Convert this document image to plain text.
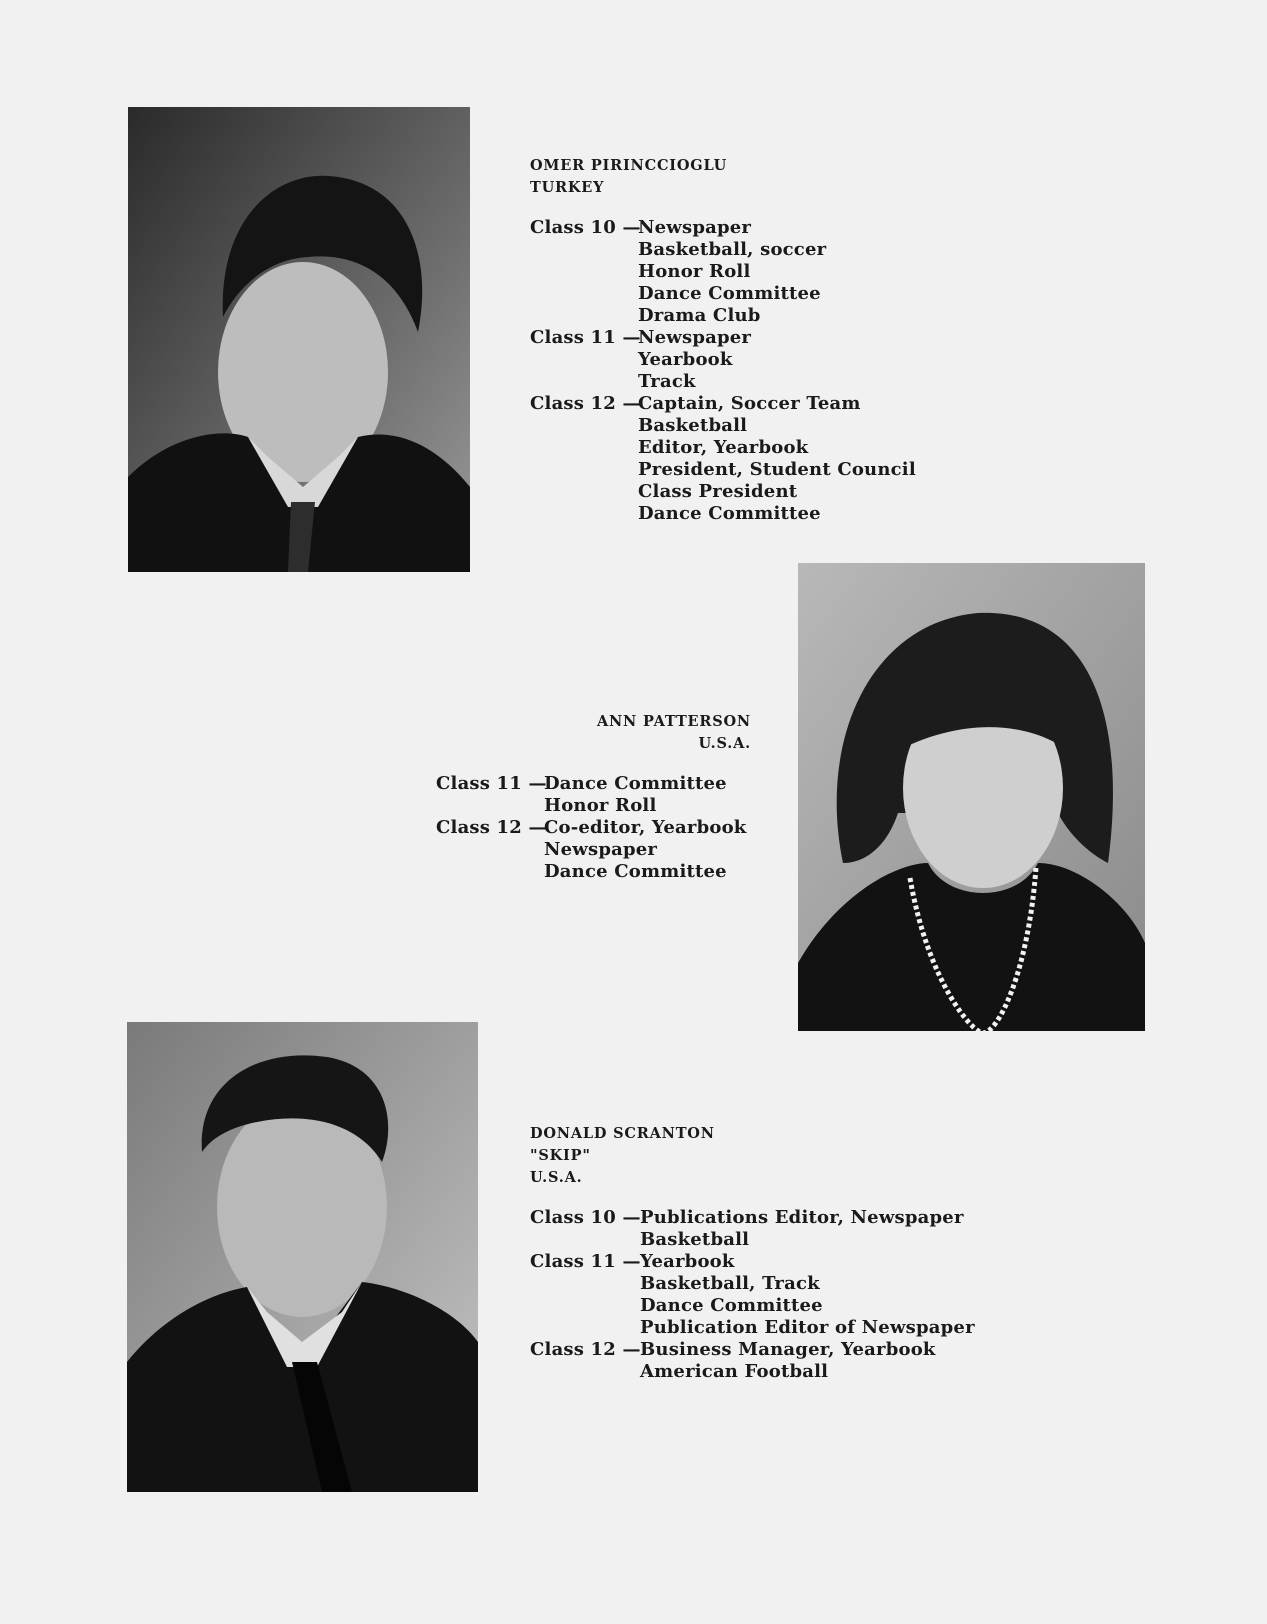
OMER PIRINCCIOGLU
TURKEY
Class 10 —
Newspaper
Basketball, soccer
Honor Roll
Dance Committee
Drama Club
Class 11 —
Newspaper
Yearbook
Track
Class 12 —
Captain, Soccer Team
Basketball
Editor, Yearbook
President, Student Council
Class President
Dance Committee
ANN PATTERSON
U.S.A.
Class 11 —
Dance Committee
Honor Roll
Class 12 —
Co-editor, Yearbook
Newspaper
Dance Committee
DONALD SCRANTON
"SKIP"
U.S.A.
Class 10 — Publications Editor, Newspaper
Basketball
Class 11 — Yearbook
Basketball, Track
Dance Committee
Publication Editor of Newspaper
Class 12 — Business Manager, Yearbook
American Football
